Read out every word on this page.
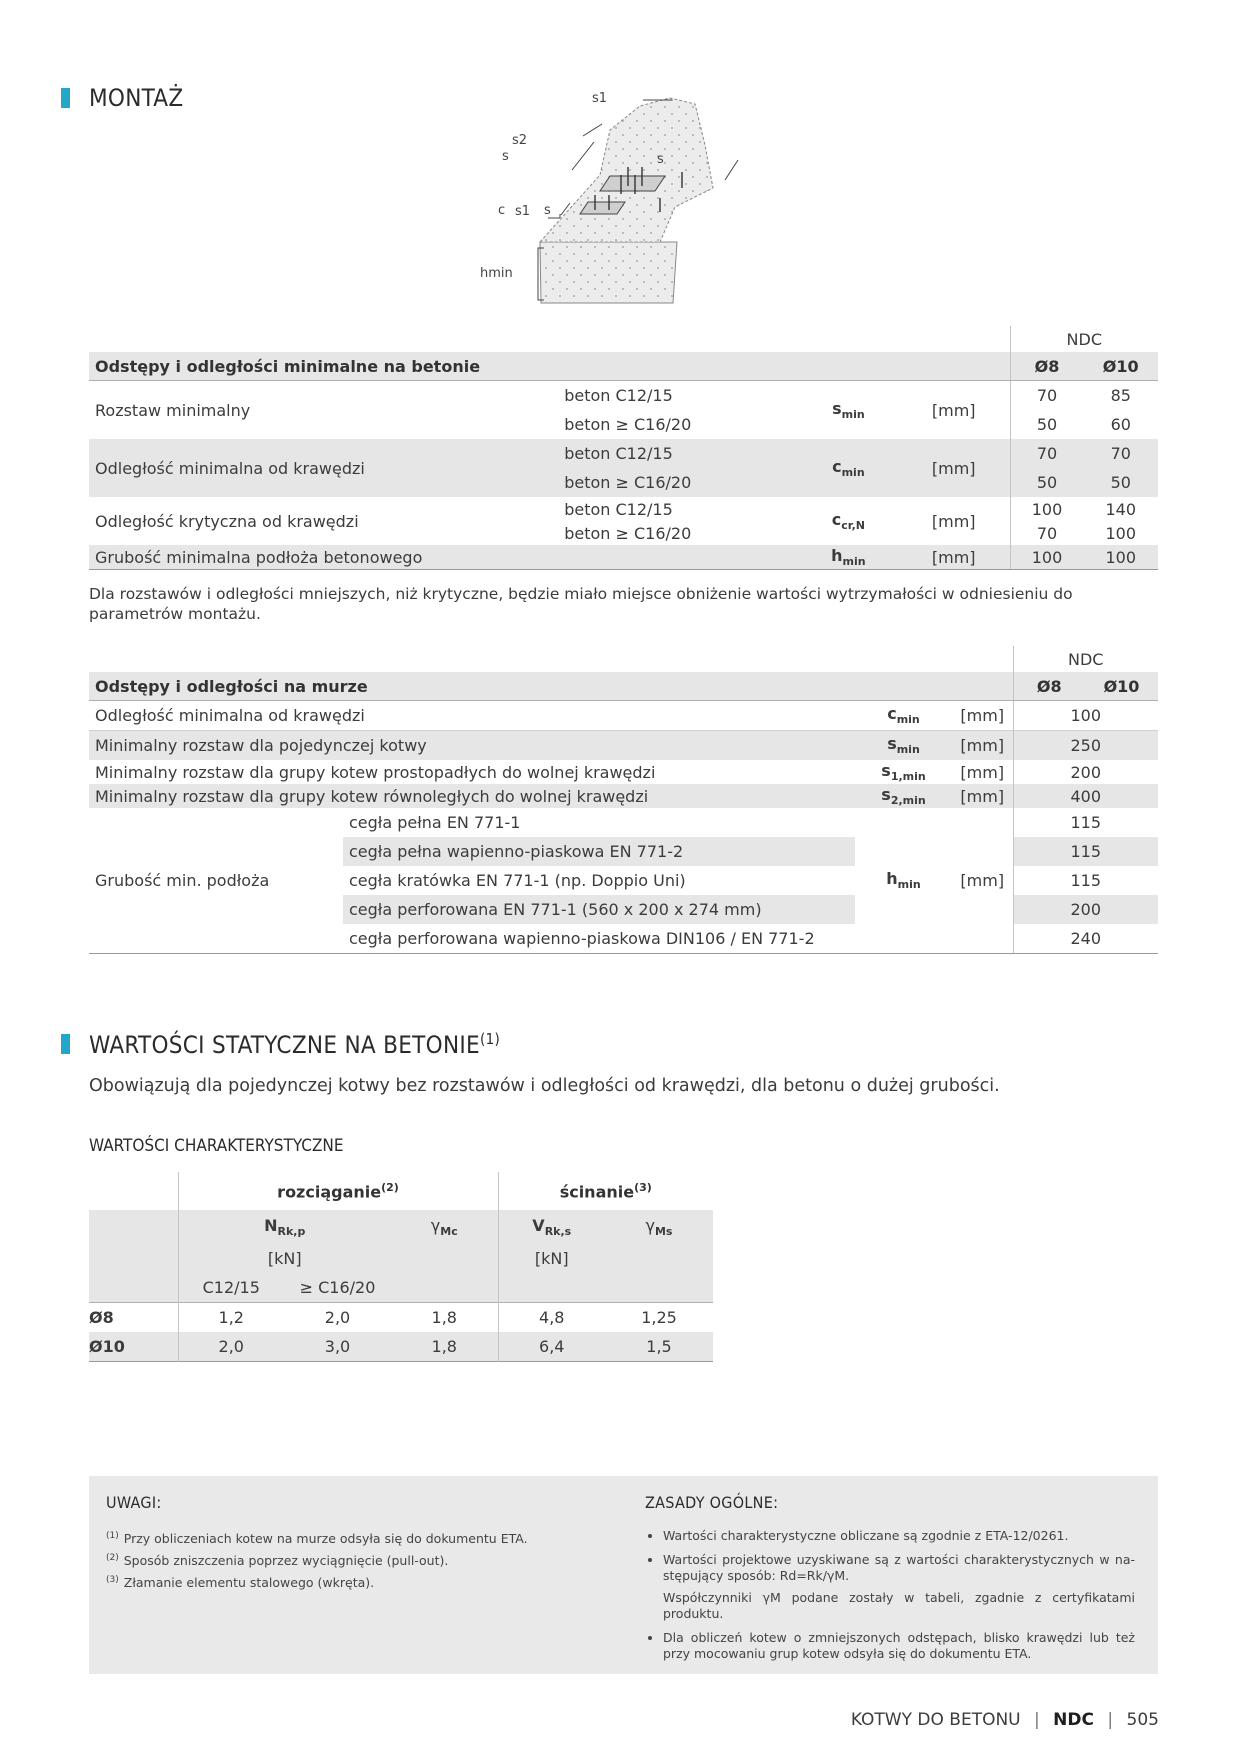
MONTAŻ	s1
s2
s	s
c s1 s
hmin
				NDC	
Odstępy i odległości minimalne na betonie				Ø8	Ø10
Rozstaw minimalny	beton C12/15	$s_{min}$	[mm]	70	85
	beton ≥ C16/20			50	60
Odległość minimalna od krawędzi	beton C12/15	$c_{min}$	[mm]	70	70
	beton ≥ C16/20			50	50
Odległość krytyczna od krawędzi	beton C12/15	$c_{cr,N}$	[mm]	100	140
	beton ≥ C16/20			70	100
Grubość minimalna podłoża betonowego		$h_{min}$	[mm]	100	100
Dla rozstawów i odległości mniejszych, niż krytyczne, będzie miało miejsce obniżenie wartości wytrzymałości w odniesieniu do parametrów montażu.
				NDC	
Odstępy i odległości na murze				Ø8	Ø10
Odległość minimalna od krawędzi		$c_{min}$	[mm]	100	
Minimalny rozstaw dla pojedynczej kotwy		$s_{min}$	[mm]	250	
Minimalny rozstaw dla grupy kotew prostopadłych do wolnej krawędzi		$s_{1,min}$	[mm]	200	
Minimalny rozstaw dla grupy kotew równoległych do wolnej krawędzi		$s_{2,min}$	[mm]	400	
Grubość min. podłoża	cegła pełna EN 771-1	$h_{min}$	[mm]	115	
	cegła pełna wapienno-piaskowa EN 771-2			115	
	cegła kratówka EN 771-1 (np. Doppio Uni)			115	
	cegła perforowana EN 771-1 (560 x 200 x 274 mm)			200	
	cegła perforowana wapienno-piaskowa DIN106 / EN 771-2			240	
WARTOŚCI STATYCZNE NA BETONIE$^{(1)}$
Obowiązują dla pojedynczej kotwy bez rozstawów i odległości od krawędzi, dla betonu o dużej grubości.
WARTOŚCI CHARAKTERYSTYCZNE
	rozciąganie$^{(2)}$			ścinanie$^{(3)}$
	$N_{Rk,p}$		$\gamma_{Mc}$	$V_{Rk,s}$	$\gamma_{Ms}$
	[kN]			[kN]	
	C12/15	≥ C16/20			
Ø8	1,2	2,0	1,8	4,8	1,25
Ø10	2,0	3,0	1,8	6,4	1,5
UWAGI:
$^{(1)}$ Przy obliczeniach kotew na murze odsyła się do dokumentu ETA.
$^{(2)}$ Sposób zniszczenia poprzez wyciągnięcie (pull-out).
$^{(3)}$ Złamanie elementu stalowego (wkręta).
ZASADY OGÓLNE:
• Wartości charakterystyczne obliczane są zgodnie z ETA-12/0261.
• Wartości projektowe uzyskiwane są z wartości charakterystycznych w na-stępujący sposób: Rd=Rk/γM.

Współczynniki γM podane zostały w tabeli, zgadnie z certyfikatami produktu.
• Dla obliczeń kotew o zmniejszonych odstępach, blisko krawędzi lub też przy mocowaniu grup kotew odsyła się do dokumentu ETA.
KOTWY DO BETONU | NDC | 505
